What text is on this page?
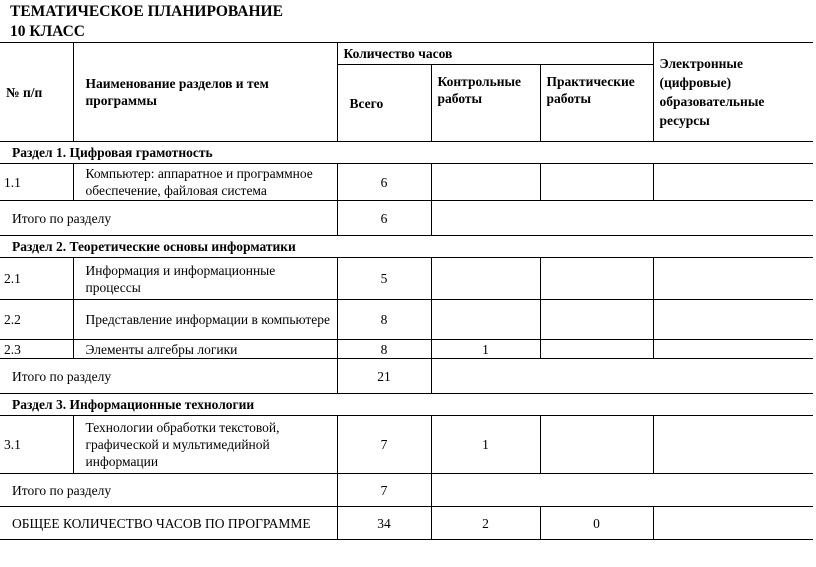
ТЕМАТИЧЕСКОЕ ПЛАНИРОВАНИЕ
10 КЛАСС
№ п/п	Наименование разделов и тем программы	Количество часов			Электронные (цифровые) образовательные ресурсы
		Всего	Контрольные работы	Практические работы	
Раздел 1. Цифровая грамотность					
1.1	Компьютер: аппаратное и программное обеспечение, файловая система	6			
Итого по разделу		6			
Раздел 2. Теоретические основы информатики					
2.1	Информация и информационные процессы	5			
2.2	Представление информации в компьютере	8			
2.3	Элементы алгебры логики	8	1		
Итого по разделу		21			
Раздел 3. Информационные технологии					
3.1	Технологии обработки текстовой, графической и мультимедийной информации	7	1		
Итого по разделу		7			
ОБЩЕЕ КОЛИЧЕСТВО ЧАСОВ ПО ПРОГРАММЕ		34	2	0	
